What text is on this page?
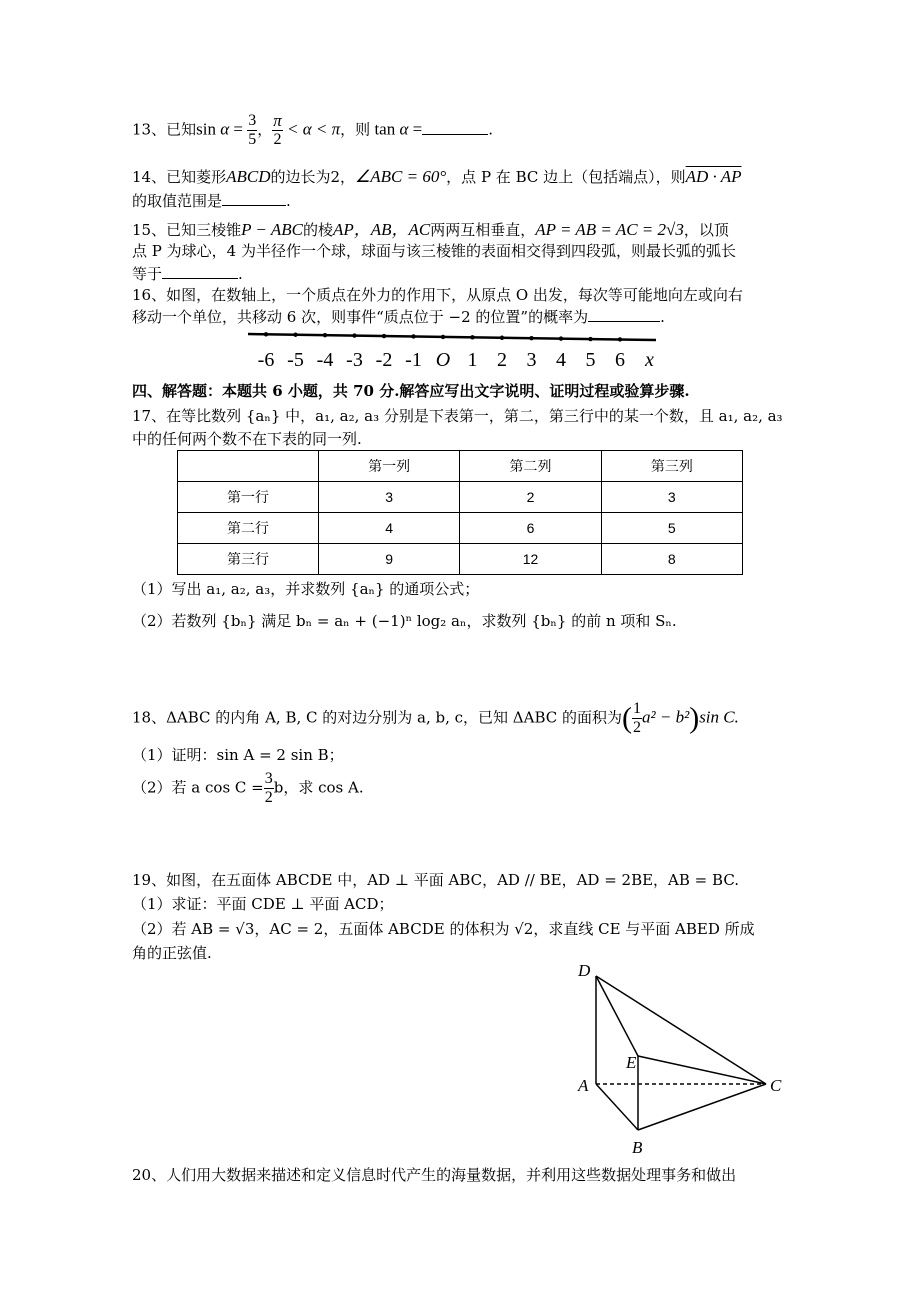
13、已知$\sin \alpha = \frac{3}{5}$ ， $\frac{\pi}{2} < \alpha < \pi$，则 tan α =	.
14、已知菱形ABCD的边长为2，∠ABC = 60°，点 P 在 BC 边上（包括端点），则AD · AP
的取值范围是	.
15、已知三棱锥P − ABC的棱AP，AB，AC两两互相垂直，AP = AB = AC = 2√3，以顶
点 P 为球心，4 为半径作一个球，球面与该三棱锥的表面相交得到四段弧，则最长弧的弧长
等于	.
16、如图，在数轴上，一个质点在外力的作用下，从原点 O 出发，每次等可能地向左或向右
移动一个单位，共移动 6 次，则事件“质点位于 −2 的位置”的概率为	.
-6 -5 -4 -3 -2 -1 O 1 2 3 4 5 6 x
四、解答题：本题共 6 小题，共 70 分.解答应写出文字说明、证明过程或验算步骤.
17、在等比数列 {aₙ} 中，a₁, a₂, a₃ 分别是下表第一，第二，第三行中的某一个数，且 a₁, a₂, a₃
中的任何两个数不在下表的同一列.
	第一列	第二列	第三列
第一行	3	2	3
第二行	4	6	5
第三行	9	12	8
（1）写出 a₁, a₂, a₃，并求数列 {aₙ} 的通项公式；
（2）若数列 {bₙ} 满足 bₙ = aₙ + (−1)ⁿ log₂ aₙ，求数列 {bₙ} 的前 n 项和 Sₙ.
18、ΔABC 的内角 A, B, C 的对边分别为 a, b, c，已知 ΔABC 的面积为( $\frac{1}{2} a^2 - b^2)\sin$ C.
（1）证明：sin A = 2 sin B；
（2）若 a $\cos C = \frac{3}{2}$ b，求 cos A.
19、如图，在五面体 ABCDE 中，AD ⊥ 平面 ABC，AD // BE，AD = 2BE，AB = BC.
（1）求证：平面 CDE ⊥ 平面 ACD；
（2）若 AB = √3，AC = 2，五面体 ABCDE 的体积为 √2，求直线 CE 与平面 ABED 所成
角的正弦值.
D
E
A
B
C
20、人们用大数据来描述和定义信息时代产生的海量数据，并利用这些数据处理事务和做出
